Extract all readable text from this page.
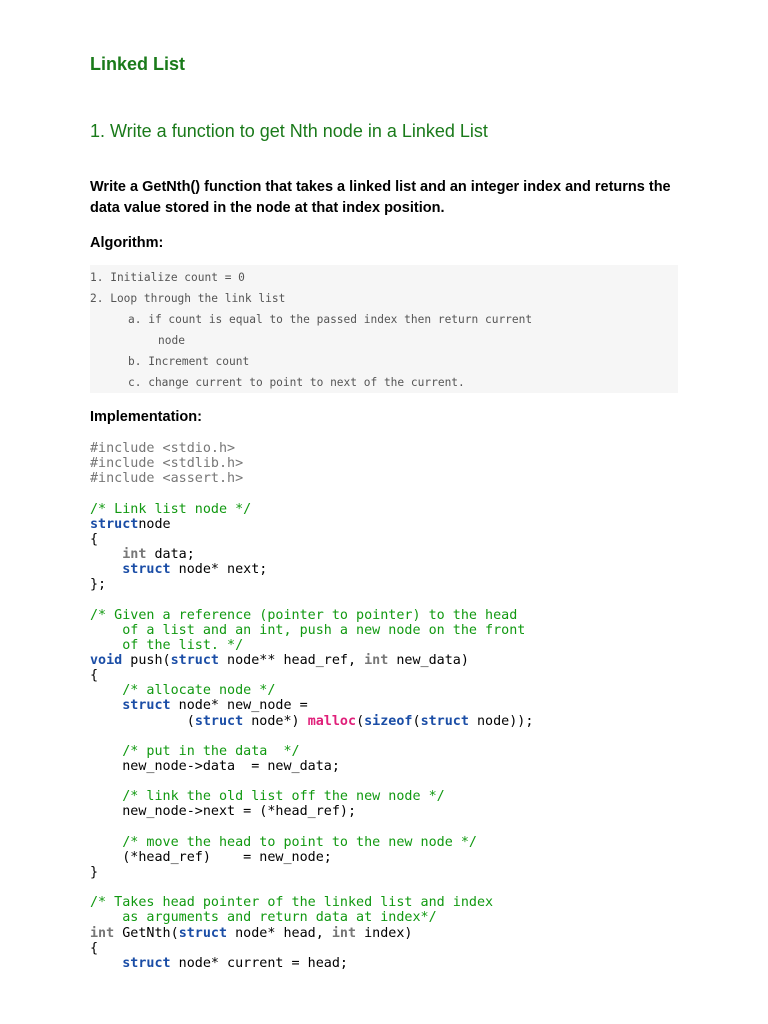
Linked List
1. Write a function to get Nth node in a Linked List
Write a GetNth() function that takes a linked list and an integer index and returns the data value stored in the node at that index position.
Algorithm:
1. Initialize count = 0
2. Loop through the link list
a. if count is equal to the passed index then return current
node
b. Increment count
c. change current to point to next of the current.
Implementation:
#include <stdio.h>
#include <stdlib.h>
#include <assert.h>

/* Link list node */
structnode
{
int data;
struct node* next;
};

/* Given a reference (pointer to pointer) to the head
of a list and an int, push a new node on the front
of the list. */
void push(struct node** head_ref, int new_data)
{
/* allocate node */
struct node* new_node =
(struct node*) malloc(sizeof(struct node));

/* put in the data  */
new_node->data  = new_data;

/* link the old list off the new node */
new_node->next = (*head_ref);

/* move the head to point to the new node */
(*head_ref)    = new_node;
}

/* Takes head pointer of the linked list and index
as arguments and return data at index*/
int GetNth(struct node* head, int index)
{
struct node* current = head;
